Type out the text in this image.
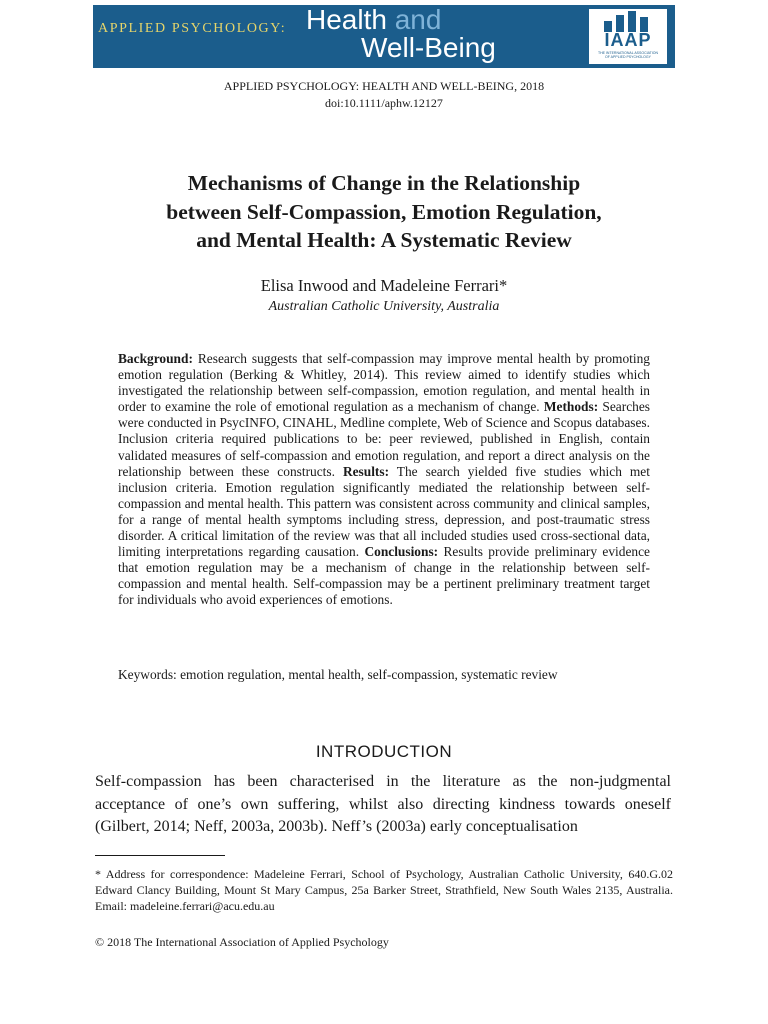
APPLIED PSYCHOLOGY: Health and
Well-Being	IAAP
THE INTERNATIONAL ASSOCIATION OF APPLIED PSYCHOLOGY
APPLIED PSYCHOLOGY: HEALTH AND WELL-BEING, 2018
doi:10.1111/aphw.12127
Mechanisms of Change in the Relationship
between Self-Compassion, Emotion Regulation,
and Mental Health: A Systematic Review
Elisa Inwood and Madeleine Ferrari*
Australian Catholic University, Australia
Background: Research suggests that self-compassion may improve mental health by promoting emotion regulation (Berking & Whitley, 2014). This review aimed to identify studies which investigated the relationship between self-compassion, emotion regulation, and mental health in order to examine the role of emotional regulation as a mechanism of change. Methods: Searches were conducted in PsycINFO, CINAHL, Medline complete, Web of Science and Scopus databases. Inclusion criteria required publications to be: peer reviewed, published in English, contain validated measures of self-compassion and emotion regulation, and report a direct analysis on the relationship between these constructs. Results: The search yielded five studies which met inclusion criteria. Emotion regulation significantly mediated the relationship between self-compassion and mental health. This pattern was consistent across community and clinical samples, for a range of mental health symptoms including stress, depression, and post-traumatic stress disorder. A critical limitation of the review was that all included studies used cross-sectional data, limiting interpretations regarding causation. Conclusions: Results provide preliminary evidence that emotion regulation may be a mechanism of change in the relationship between self-compassion and mental health. Self-compassion may be a pertinent preliminary treatment target for individuals who avoid experiences of emotions.
Keywords: emotion regulation, mental health, self-compassion, systematic review
INTRODUCTION
Self-compassion has been characterised in the literature as the non-judgmental acceptance of one’s own suffering, whilst also directing kindness towards oneself (Gilbert, 2014; Neff, 2003a, 2003b). Neff’s (2003a) early conceptualisation
* Address for correspondence: Madeleine Ferrari, School of Psychology, Australian Catholic University, 640.G.02 Edward Clancy Building, Mount St Mary Campus, 25a Barker Street, Strathfield, New South Wales 2135, Australia. Email: madeleine.ferrari@acu.edu.au
© 2018 The International Association of Applied Psychology
